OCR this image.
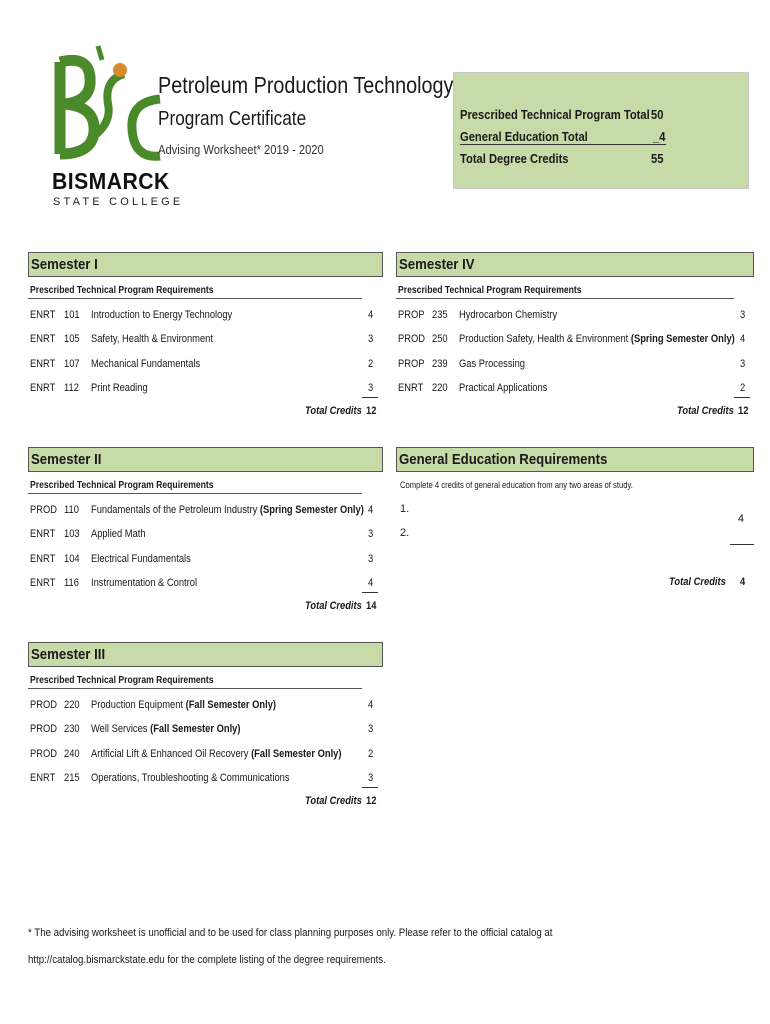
BISMARCK
STATE COLLEGE
Petroleum Production Technology
Program Certificate
Advising Worksheet* 2019 - 2020
Prescribed Technical Program Total 50
General Education Total	_4
Total Degree Credits	55
Semester I
Prescribed Technical Program Requirements
ENRT 101 Introduction to Energy Technology	4
ENRT 105 Safety, Health & Environment	3
ENRT 107 Mechanical Fundamentals	2
ENRT 112 Print Reading	3
Total Credits 12
Semester II
Prescribed Technical Program Requirements
PROD 110 Fundamentals of the Petroleum Industry (Spring Semester Only) 4
ENRT 103 Applied Math	3
ENRT 104 Electrical Fundamentals	3
ENRT 116 Instrumentation & Control	4
Total Credits 14
Semester III
Prescribed Technical Program Requirements
PROD 220 Production Equipment (Fall Semester Only)	4
PROD 230 Well Services (Fall Semester Only)	3
PROD 240 Artificial Lift & Enhanced Oil Recovery (Fall Semester Only) 2
ENRT 215 Operations, Troubleshooting & Communications	3
Total Credits 12
Semester IV
Prescribed Technical Program Requirements
PROP 235 Hydrocarbon Chemistry	3
PROD 250 Production Safety, Health & Environment (Spring Semester Only) 4
PROP 239 Gas Processing	3
ENRT 220 Practical Applications	2
Total Credits 12
General Education Requirements
Complete 4 credits of general education from any two areas of study.
1.
2.
4
Total Credits 4
* The advising worksheet is unofficial and to be used for class planning purposes only. Please refer to the official catalog at http://catalog.bismarckstate.edu for the complete listing of the degree requirements.
